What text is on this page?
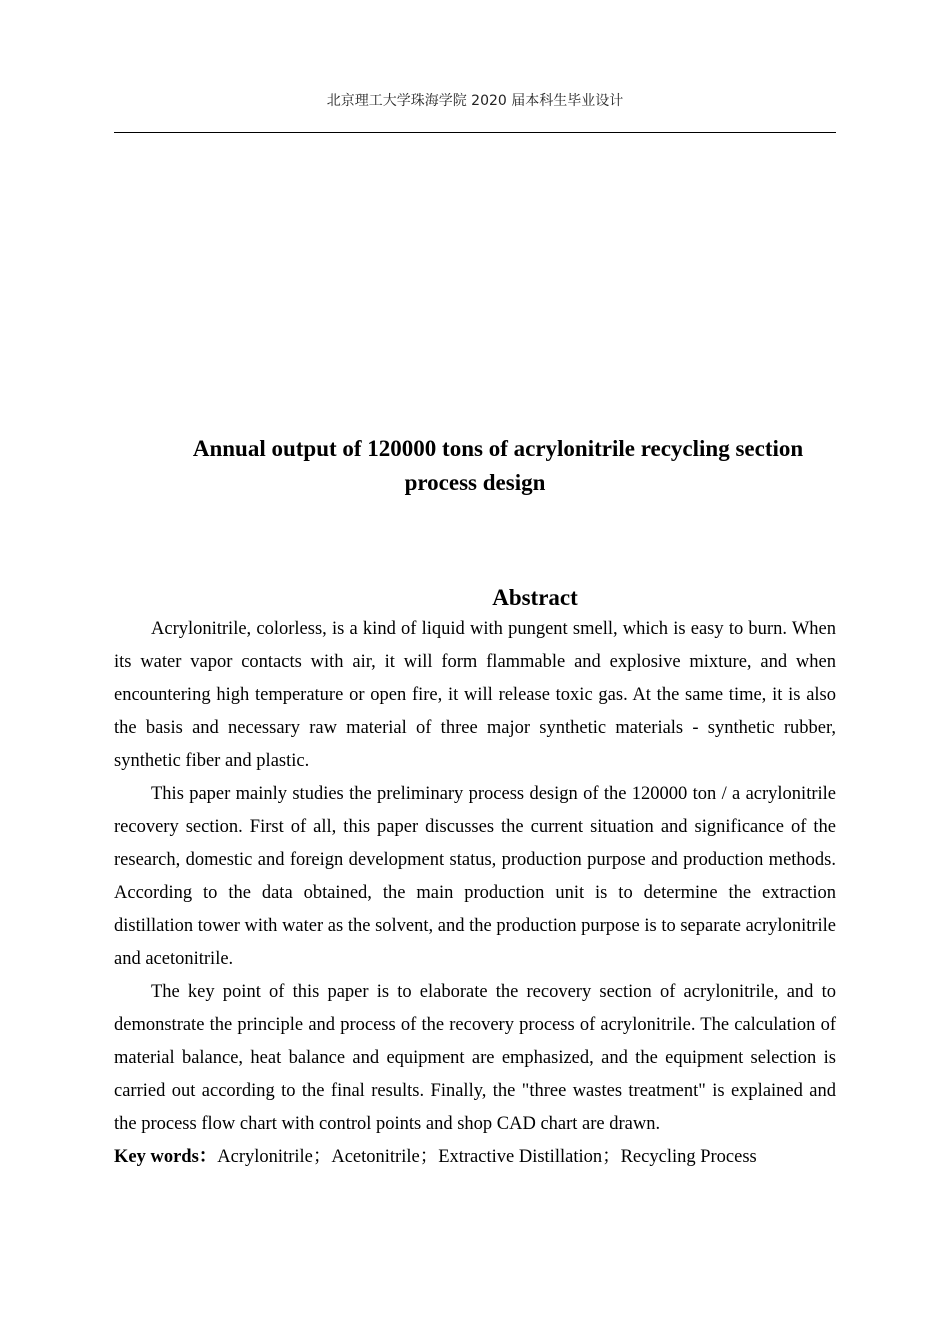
北京理工大学珠海学院 2020 届本科生毕业设计
Annual output of 120000 tons of acrylonitrile recycling section
process design
Abstract

Acrylonitrile, colorless, is a kind of liquid with pungent smell, which is easy to burn. When its water vapor contacts with air, it will form flammable and explosive mixture, and when encountering high temperature or open fire, it will release toxic gas. At the same time, it is also the basis and necessary raw material of three major synthetic materials - synthetic rubber, synthetic fiber and plastic.

This paper mainly studies the preliminary process design of the 120000 ton / a acrylonitrile recovery section. First of all, this paper discusses the current situation and significance of the research, domestic and foreign development status, production purpose and production methods. According to the data obtained, the main production unit is to determine the extraction distillation tower with water as the solvent, and the production purpose is to separate acrylonitrile and acetonitrile.

The key point of this paper is to elaborate the recovery section of acrylonitrile, and to demonstrate the principle and process of the recovery process of acrylonitrile. The calculation of material balance, heat balance and equipment are emphasized, and the equipment selection is carried out according to the final results. Finally, the "three wastes treatment" is explained and the process flow chart with control points and shop CAD chart are drawn.

Key words：Acrylonitrile；Acetonitrile；Extractive Distillation；Recycling Process
